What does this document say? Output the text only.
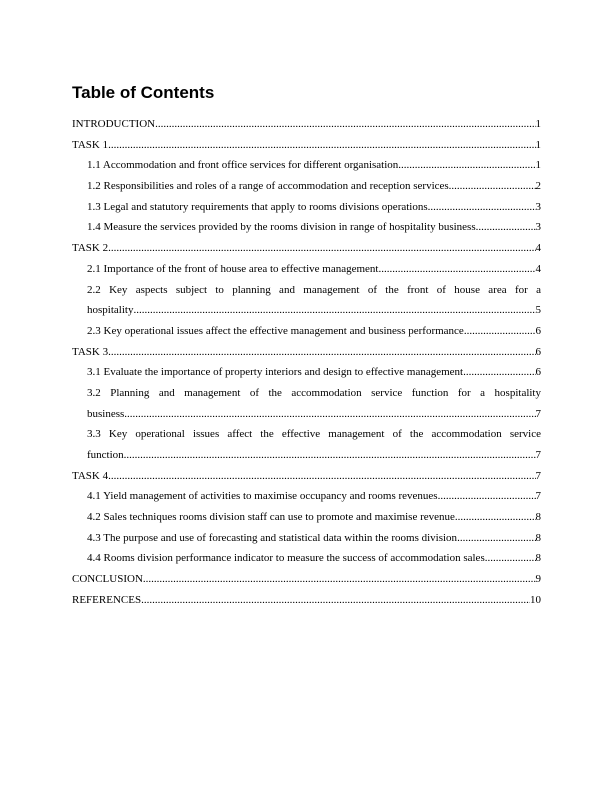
Table of Contents
INTRODUCTION .....	1
TASK 1 .....	1
1.1 Accommodation and front office services for different organisation .....	1
1.2 Responsibilities and roles of a range of accommodation and reception services .....	2
1.3 Legal and statutory requirements that apply to rooms divisions operations .....	3
1.4 Measure the services provided by the rooms division in range of hospitality business .....	3
TASK 2 .....	4
2.1 Importance of the front of house area to effective management .....	4
2.2 Key aspects subject to planning and management of the front of house area for a
hospitality .....	5
2.3 Key operational issues affect the effective management and business performance .....	6
TASK 3 .....	6
3.1 Evaluate the importance of property interiors and design to effective management .....	6
3.2 Planning and management of the accommodation service function for a hospitality
business .....	7
3.3 Key operational issues affect the effective management of the accommodation service
function .....	7
TASK 4 .....	7
4.1 Yield management of activities to maximise occupancy and rooms revenues .....	7
4.2 Sales techniques rooms division staff can use to promote and maximise revenue .....	8
4.3 The purpose and use of forecasting and statistical data within the rooms division .....	8
4.4 Rooms division performance indicator to measure the success of accommodation sales .....	8
CONCLUSION .....	9
REFERENCES .....	10
